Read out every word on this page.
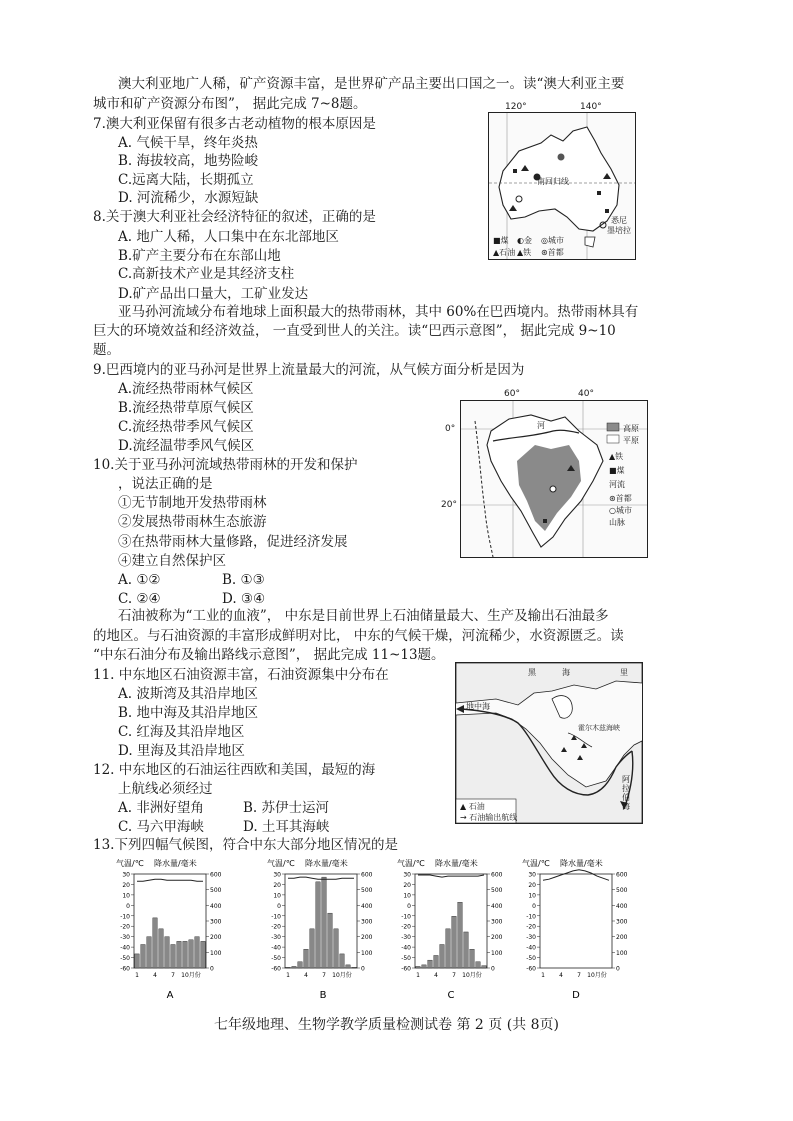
澳大利亚地广人稀，矿产资源丰富，是世界矿产品主要出口国之一。读“澳大利亚主要
城市和矿产资源分布图”， 据此完成 7~8题。
7.澳大利亚保留有很多古老动植物的根本原因是
A. 气候干旱，终年炎热
B. 海拔较高，地势险峻
C.远离大陆，长期孤立
D. 河流稀少，水源短缺
8.关于澳大利亚社会经济特征的叙述，正确的是
A. 地广人稀，人口集中在东北部地区
B.矿产主要分布在东部山地
C.高新技术产业是其经济支柱
D.矿产品出口量大，工矿业发达
南回归线
悉尼
墨培拉
■煤 ◐金 ◎城市
▲石油 ▲铁 ⊛首都
120°	140°
亚马孙河流域分布着地球上面积最大的热带雨林，其中 60%在巴西境内。热带雨林具有
巨大的环境效益和经济效益， 一直受到世人的关注。读“巴西示意图”， 据此完成 9~10
题。
9.巴西境内的亚马孙河是世界上流量最大的河流，从气候方面分析是因为
A.流经热带雨林气候区
B.流经热带草原气候区
C.流经热带季风气候区
D.流经温带季风气候区
10.关于亚马孙河流域热带雨林的开发和保护
，说法正确的是
①无节制地开发热带雨林
②发展热带雨林生态旅游
③在热带雨林大量修路，促进经济发展
④建立自然保护区
A. ①②	B. ①③
C. ②④	D. ③④
河	高原
平原
▲铁
■煤
河流
⊛首都
○城市
山脉
60°	40°
0°
20°
石油被称为“工业的血液”， 中东是目前世界上石油储量最大、生产及输出石油最多
的地区。与石油资源的丰富形成鲜明对比， 中东的气候干燥，河流稀少，水资源匮乏。读
“中东石油分布及输出路线示意图”， 据此完成 11~13题。
11. 中东地区石油资源丰富，石油资源集中分布在
A. 波斯湾及其沿岸地区
B. 地中海及其沿岸地区
C. 红海及其沿岸地区
D. 里海及其沿岸地区
12. 中东地区的石油运往西欧和美国，最短的海
上航线必须经过
A. 非洲好望角	B. 苏伊士运河
C. 马六甲海峡	D. 土耳其海峡
黑	海	里
地中海
霍尔木兹海峡
阿拉伯海
▲ 石油
→ 石油输出航线
13.下列四幅气候图，符合中东大部分地区情况的是
气温/℃ 降水量/毫米
30
20
10
0
-10
-20
-30
-40
-50
-60
600
500
400
300
200
100
0
1 4 7 10月份
A
气温/℃ 降水量/毫米
30
20
10
0
-10
-20
-30
-40
-50
-60
600
500
400
300
200
100
0
1 4 7 10月份
B
气温/℃ 降水量/毫米
30
20
10
0
-10
-20
-30
-40
-50
-60
600
500
400
300
200
100
0
1 4 7 10月份
C
气温/℃ 降水量/毫米
30
20
10
0
-10
-20
-30
-40
-50
-60
600
500
400
300
200
100
0
1 4 7 10月份
D
七年级地理、生物学教学质量检测试卷 第 2 页 (共 8页)
